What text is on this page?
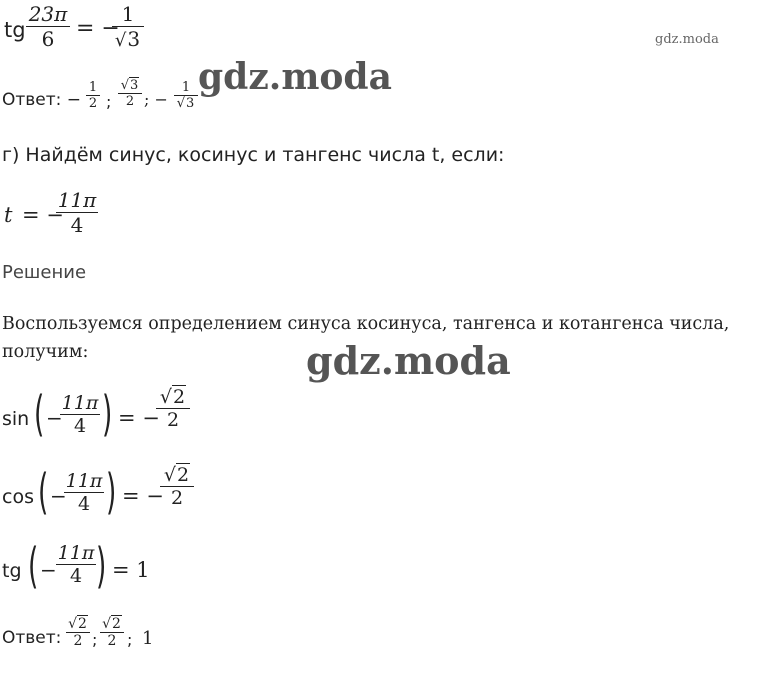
tg
23π
6 = −
1
√3	gdz.moda
Ответ: −
1
2 ;
√3
2 ; −
1
√3
gdz.moda
г) Найдём синус, косинус и тангенс числа t, если:
t = −
11π
4
Решение
Воспользуемся определением синуса косинуса, тангенса и котангенса числа,
получим:	gdz.moda
sin ( −
11π
4 ) = −
√2
2
cos ( −
11π
4 ) = −
√2
2
tg ( −
11π
4 ) = 1
Ответ:
√2
2 ;
√2
2 ; 1
